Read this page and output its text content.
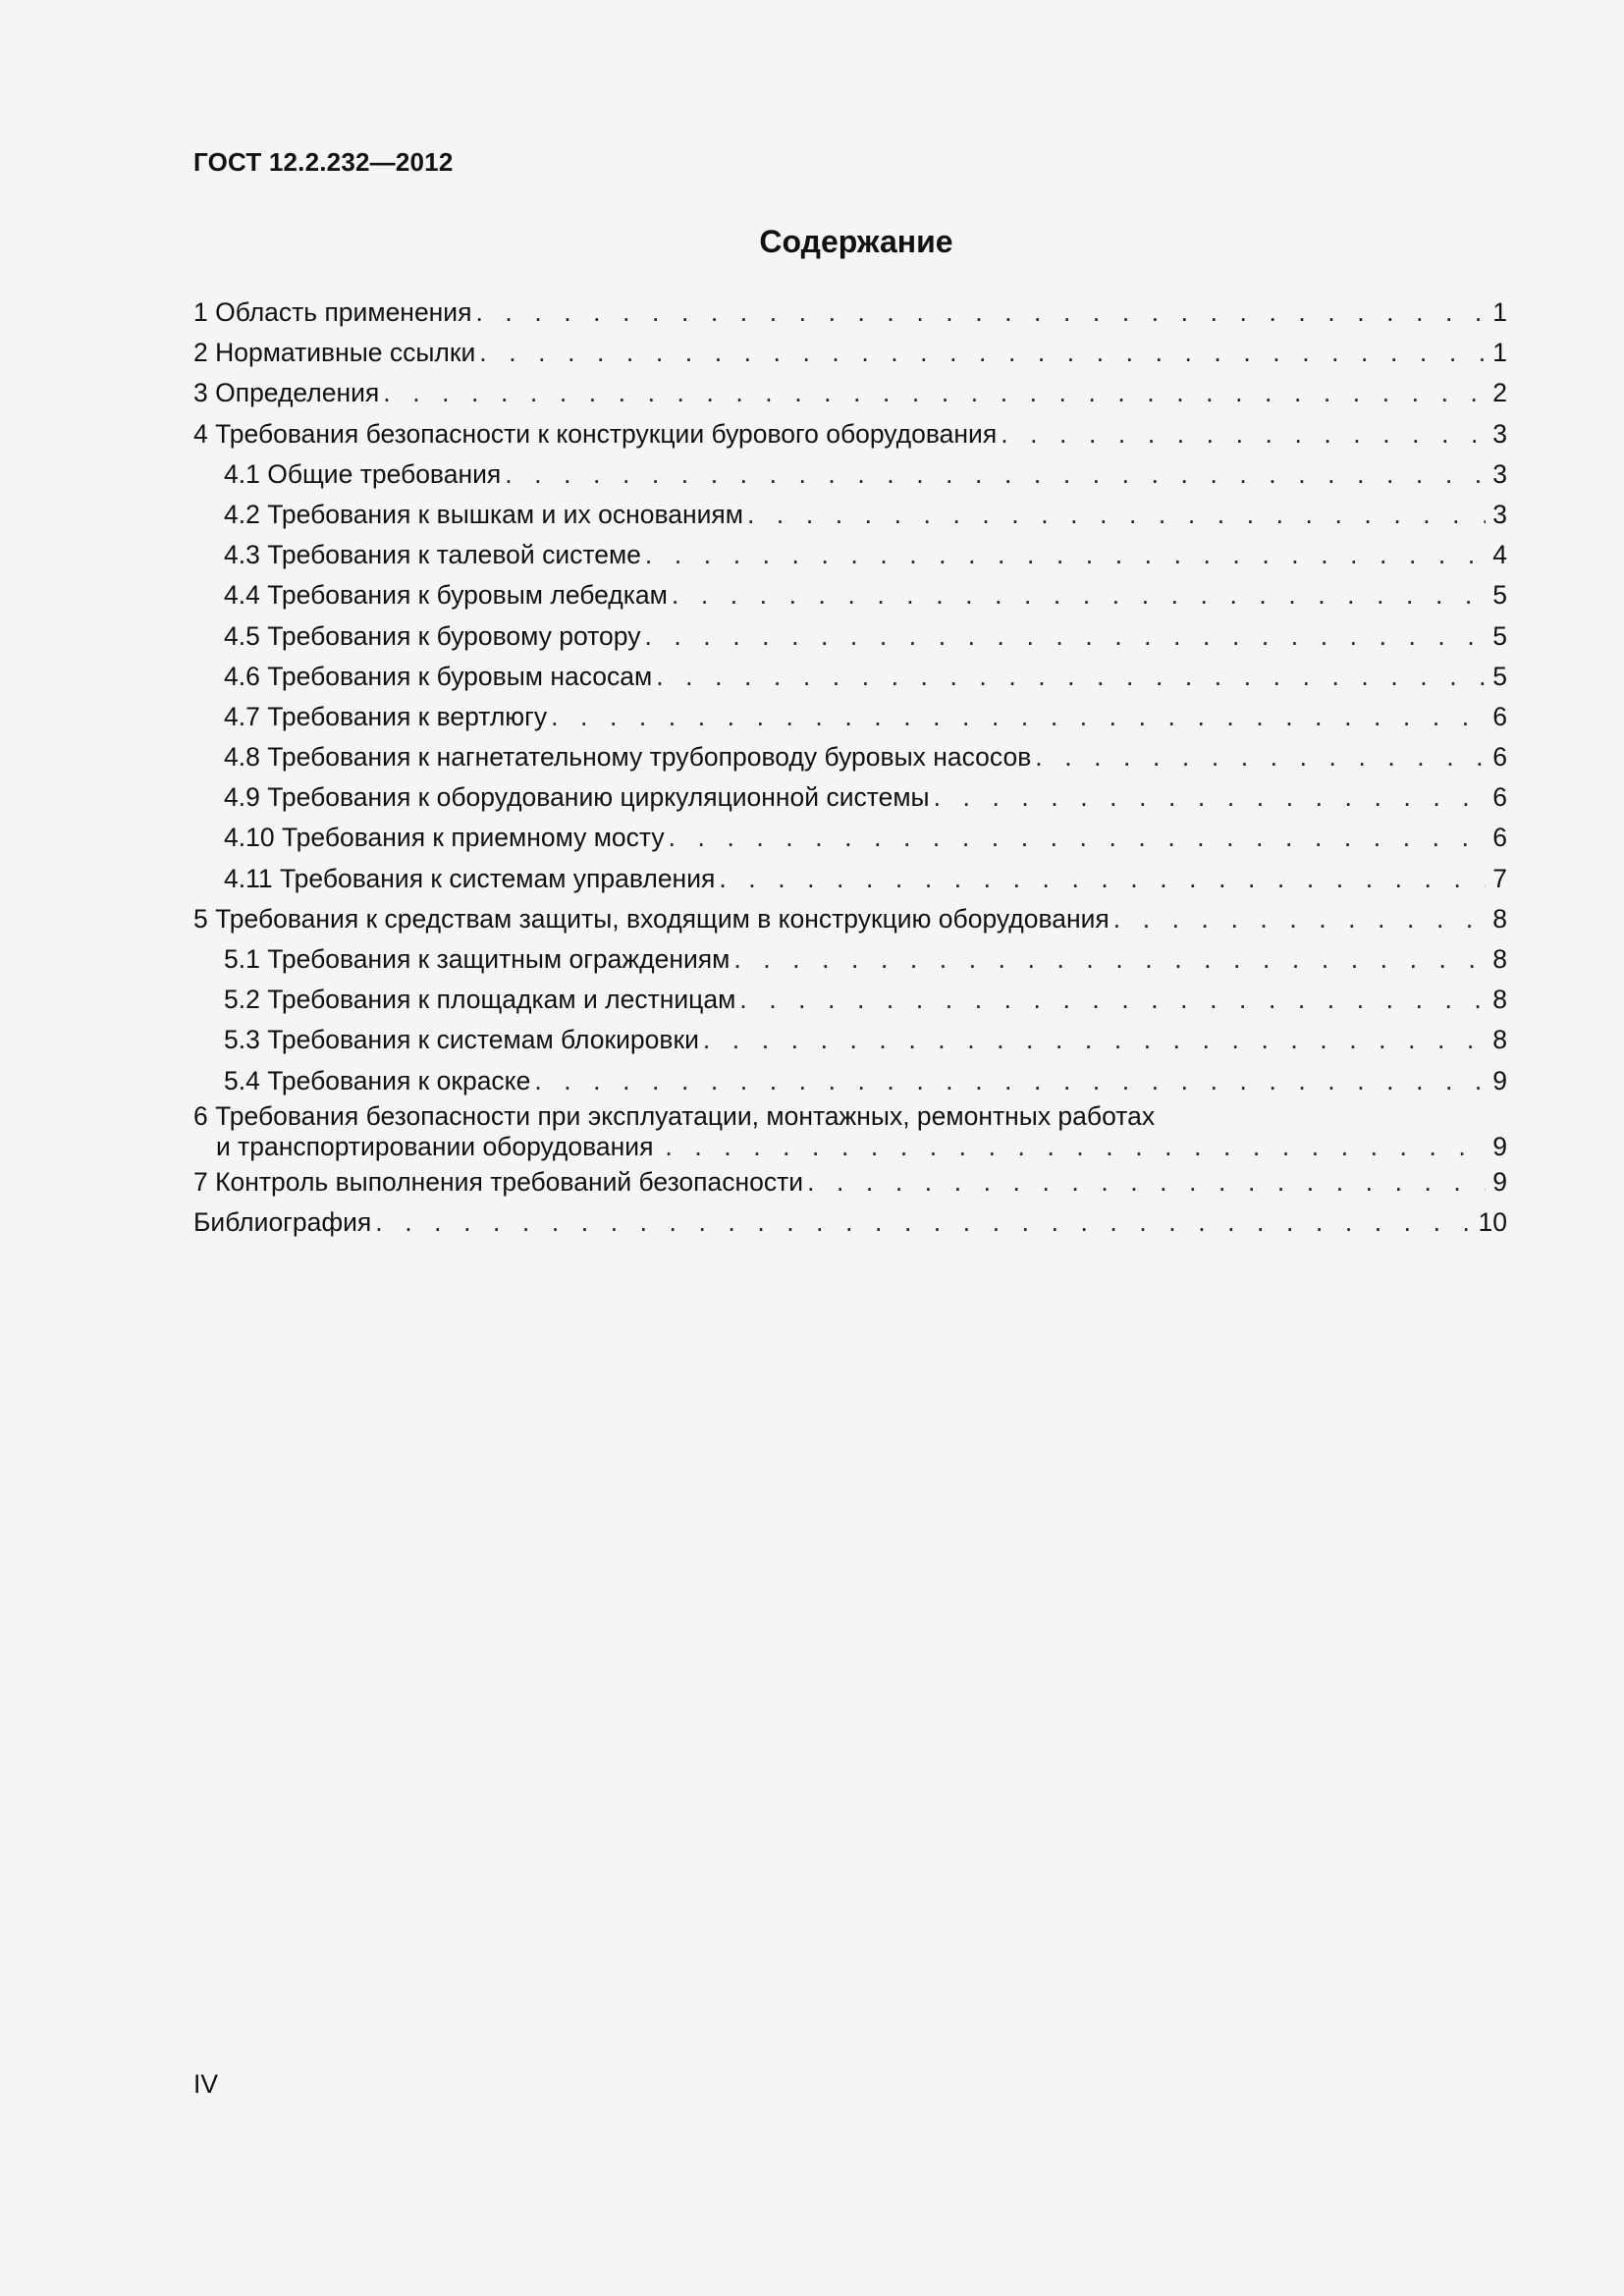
ГОСТ 12.2.232—2012
Содержание
1 Область применения . . .	1
2 Нормативные ссылки . . .	1
3 Определения . . .	2
4 Требования безопасности к конструкции бурового оборудования . . .	3
4.1 Общие требования . . .	3
4.2 Требования к вышкам и их основаниям . . .	3
4.3 Требования к талевой системе . . .	4
4.4 Требования к буровым лебедкам . . .	5
4.5 Требования к буровому ротору . . .	5
4.6 Требования к буровым насосам . . .	5
4.7 Требования к вертлюгу . . .	6
4.8 Требования к нагнетательному трубопроводу буровых насосов . . .	6
4.9 Требования к оборудованию циркуляционной системы . . .	6
4.10 Требования к приемному мосту . . .	6
4.11 Требования к системам управления . . .	7
5 Требования к средствам защиты, входящим в конструкцию оборудования . . .	8
5.1 Требования к защитным ограждениям . . .	8
5.2 Требования к площадкам и лестницам . . .	8
5.3 Требования к системам блокировки . . .	8
5.4 Требования к окраске . . .	9
6 Требования безопасности при эксплуатации, монтажных, ремонтных работах
и транспортировании оборудования . . .	9
7 Контроль выполнения требований безопасности . . .	9
Библиография . . .	10
IV
